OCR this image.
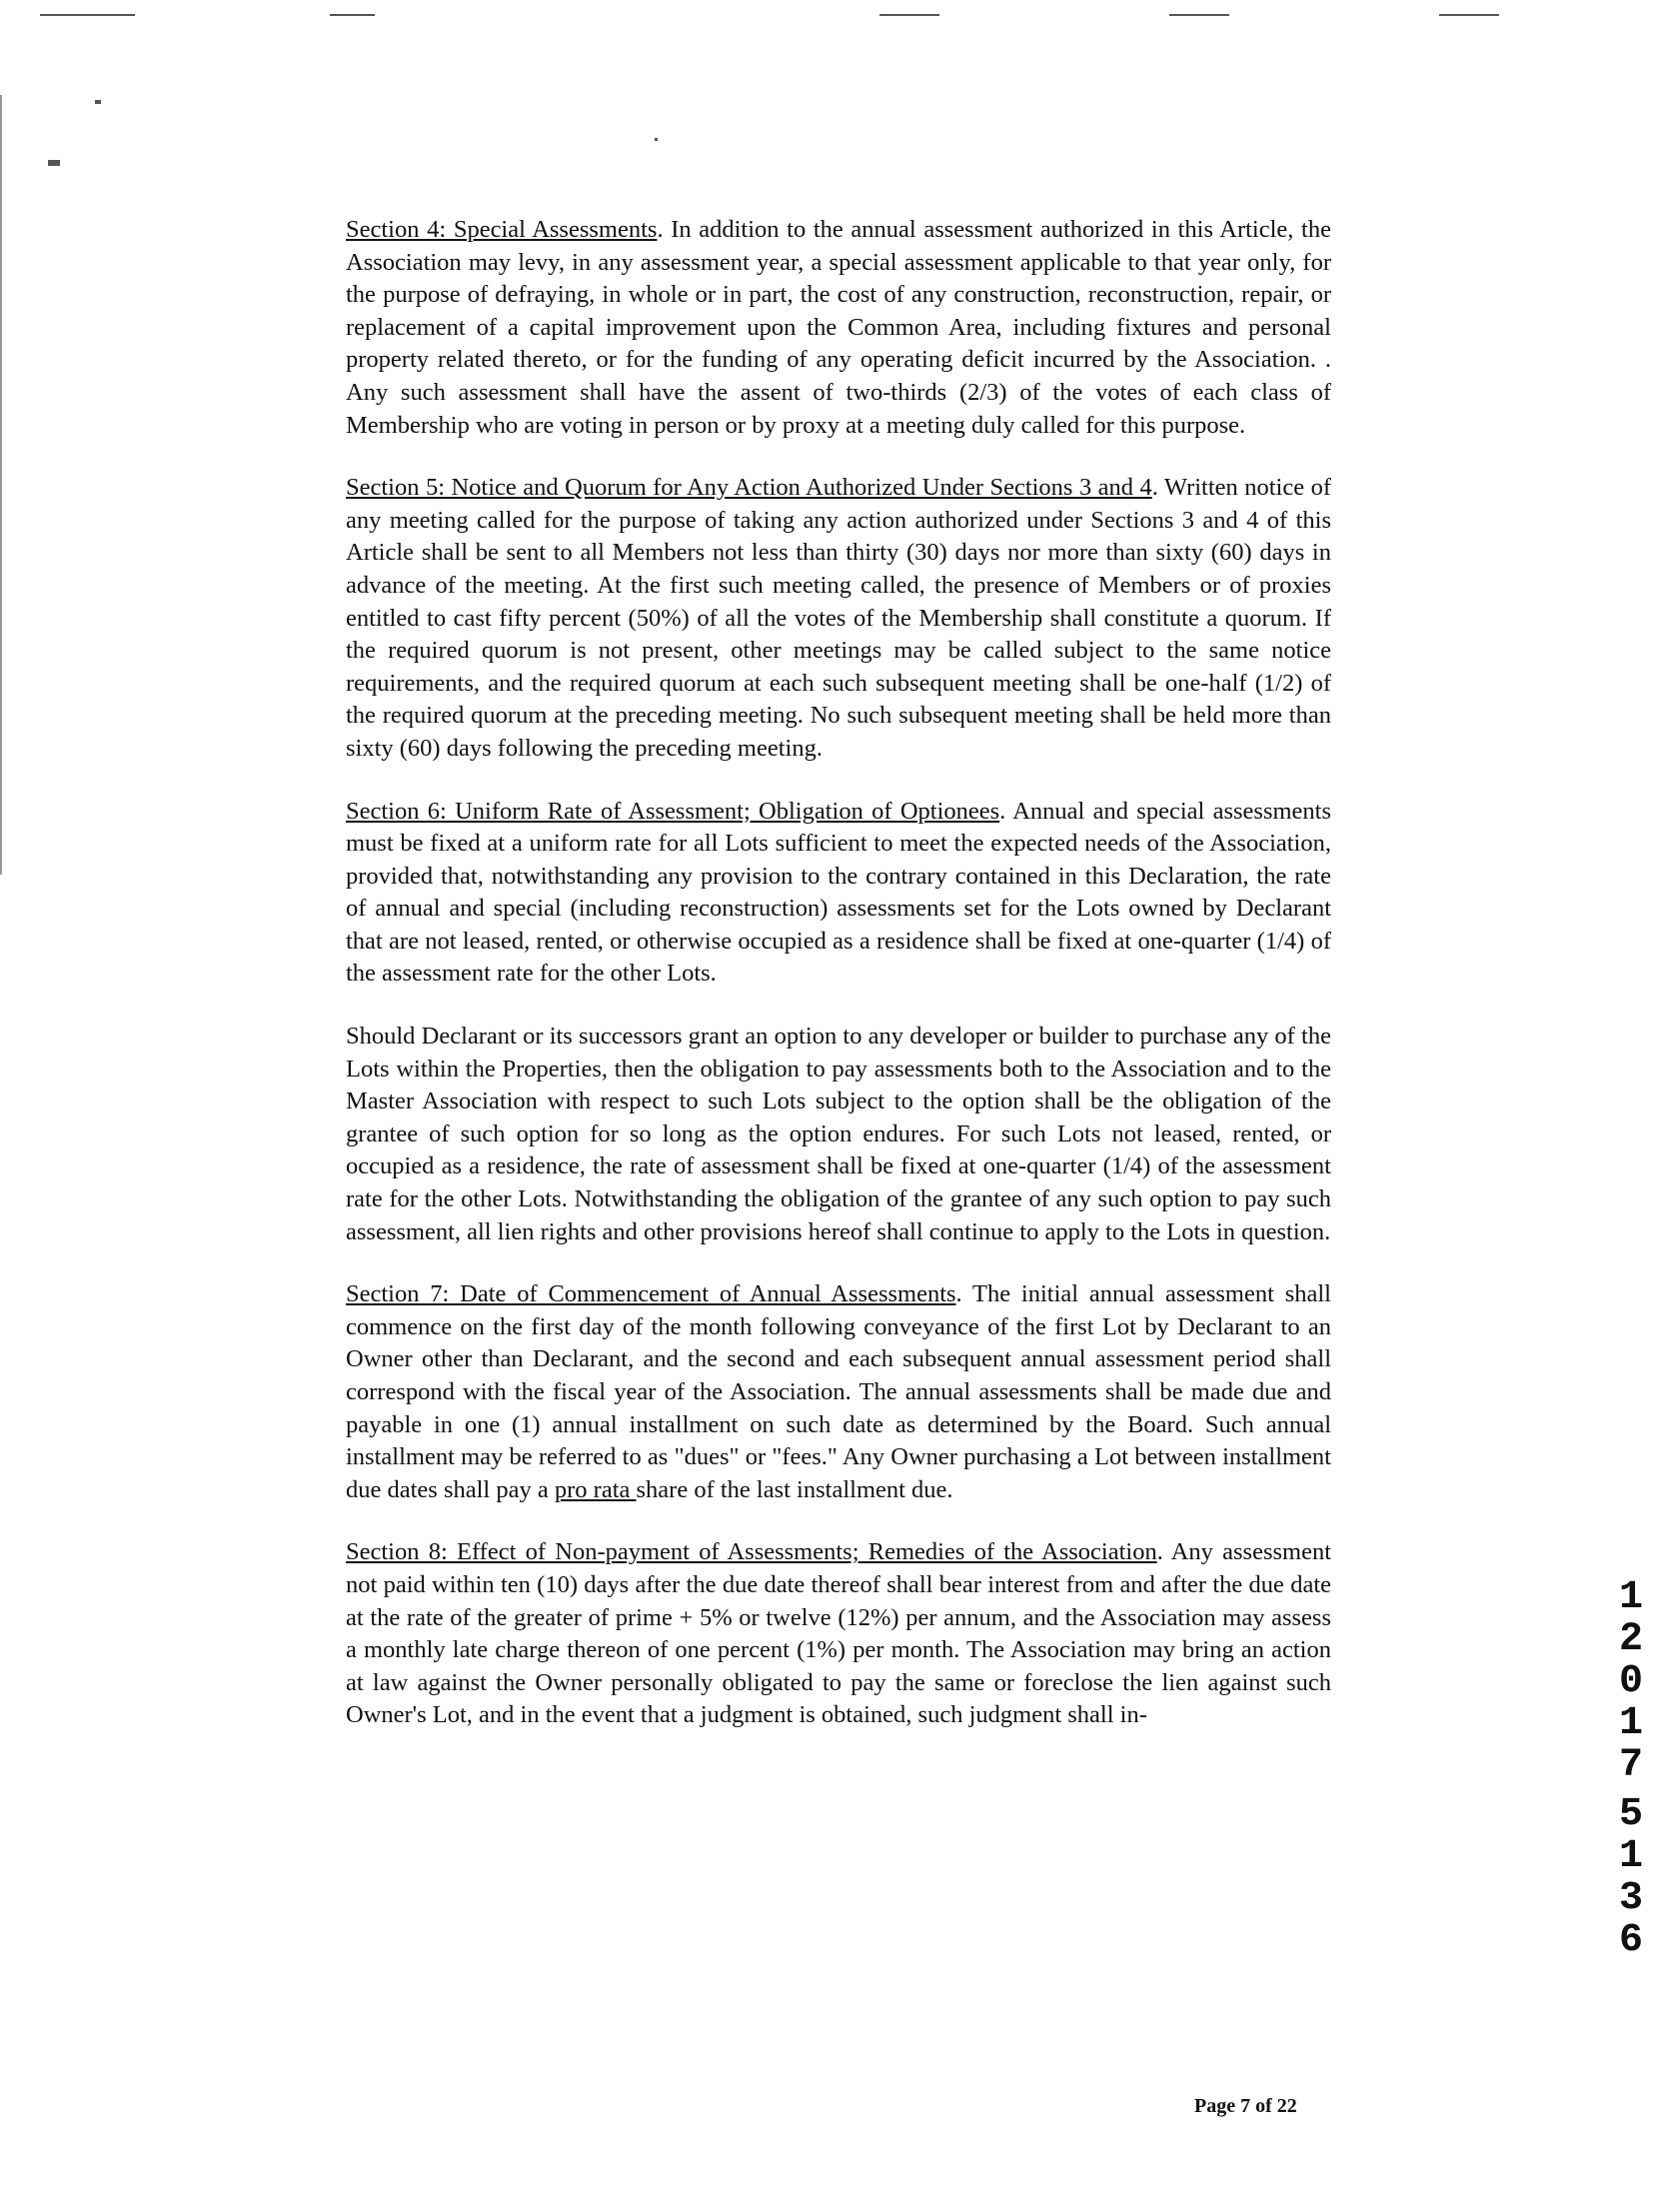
Section 4: Special Assessments. In addition to the annual assessment authorized in this Article, the Association may levy, in any assessment year, a special assessment applicable to that year only, for the purpose of defraying, in whole or in part, the cost of any construction, reconstruction, repair, or replacement of a capital improvement upon the Common Area, including fixtures and personal property related thereto, or for the funding of any operating deficit incurred by the Association. . Any such assessment shall have the assent of two-thirds (2/3) of the votes of each class of Membership who are voting in person or by proxy at a meeting duly called for this purpose.

Section 5: Notice and Quorum for Any Action Authorized Under Sections 3 and 4. Written notice of any meeting called for the purpose of taking any action authorized under Sections 3 and 4 of this Article shall be sent to all Members not less than thirty (30) days nor more than sixty (60) days in advance of the meeting. At the first such meeting called, the presence of Members or of proxies entitled to cast fifty percent (50%) of all the votes of the Membership shall constitute a quorum. If the required quorum is not present, other meetings may be called subject to the same notice requirements, and the required quorum at each such subsequent meeting shall be one-half (1/2) of the required quorum at the preceding meeting. No such subsequent meeting shall be held more than sixty (60) days following the preceding meeting.

Section 6: Uniform Rate of Assessment; Obligation of Optionees. Annual and special assessments must be fixed at a uniform rate for all Lots sufficient to meet the expected needs of the Association, provided that, notwithstanding any provision to the contrary contained in this Declaration, the rate of annual and special (including reconstruction) assessments set for the Lots owned by Declarant that are not leased, rented, or otherwise occupied as a residence shall be fixed at one-quarter (1/4) of the assessment rate for the other Lots.

Should Declarant or its successors grant an option to any developer or builder to purchase any of the Lots within the Properties, then the obligation to pay assessments both to the Association and to the Master Association with respect to such Lots subject to the option shall be the obligation of the grantee of such option for so long as the option endures. For such Lots not leased, rented, or occupied as a residence, the rate of assessment shall be fixed at one-quarter (1/4) of the assessment rate for the other Lots. Notwithstanding the obligation of the grantee of any such option to pay such assessment, all lien rights and other provisions hereof shall continue to apply to the Lots in question.

Section 7: Date of Commencement of Annual Assessments. The initial annual assessment shall commence on the first day of the month following conveyance of the first Lot by Declarant to an Owner other than Declarant, and the second and each subsequent annual assessment period shall correspond with the fiscal year of the Association. The annual assessments shall be made due and payable in one (1) annual installment on such date as determined by the Board. Such annual installment may be referred to as "dues" or "fees." Any Owner purchasing a Lot between installment due dates shall pay a pro rata share of the last installment due.

Section 8: Effect of Non-payment of Assessments; Remedies of the Association. Any assessment not paid within ten (10) days after the due date thereof shall bear interest from and after the due date at the rate of the greater of prime + 5% or twelve (12%) per annum, and the Association may assess a monthly late charge thereon of one percent (1%) per month. The Association may bring an action at law against the Owner personally obligated to pay the same or foreclose the lien against such Owner's Lot, and in the event that a judgment is obtained, such judgment shall in-

1
2
0
1
7
5
1
3
6
Page 7 of 22
